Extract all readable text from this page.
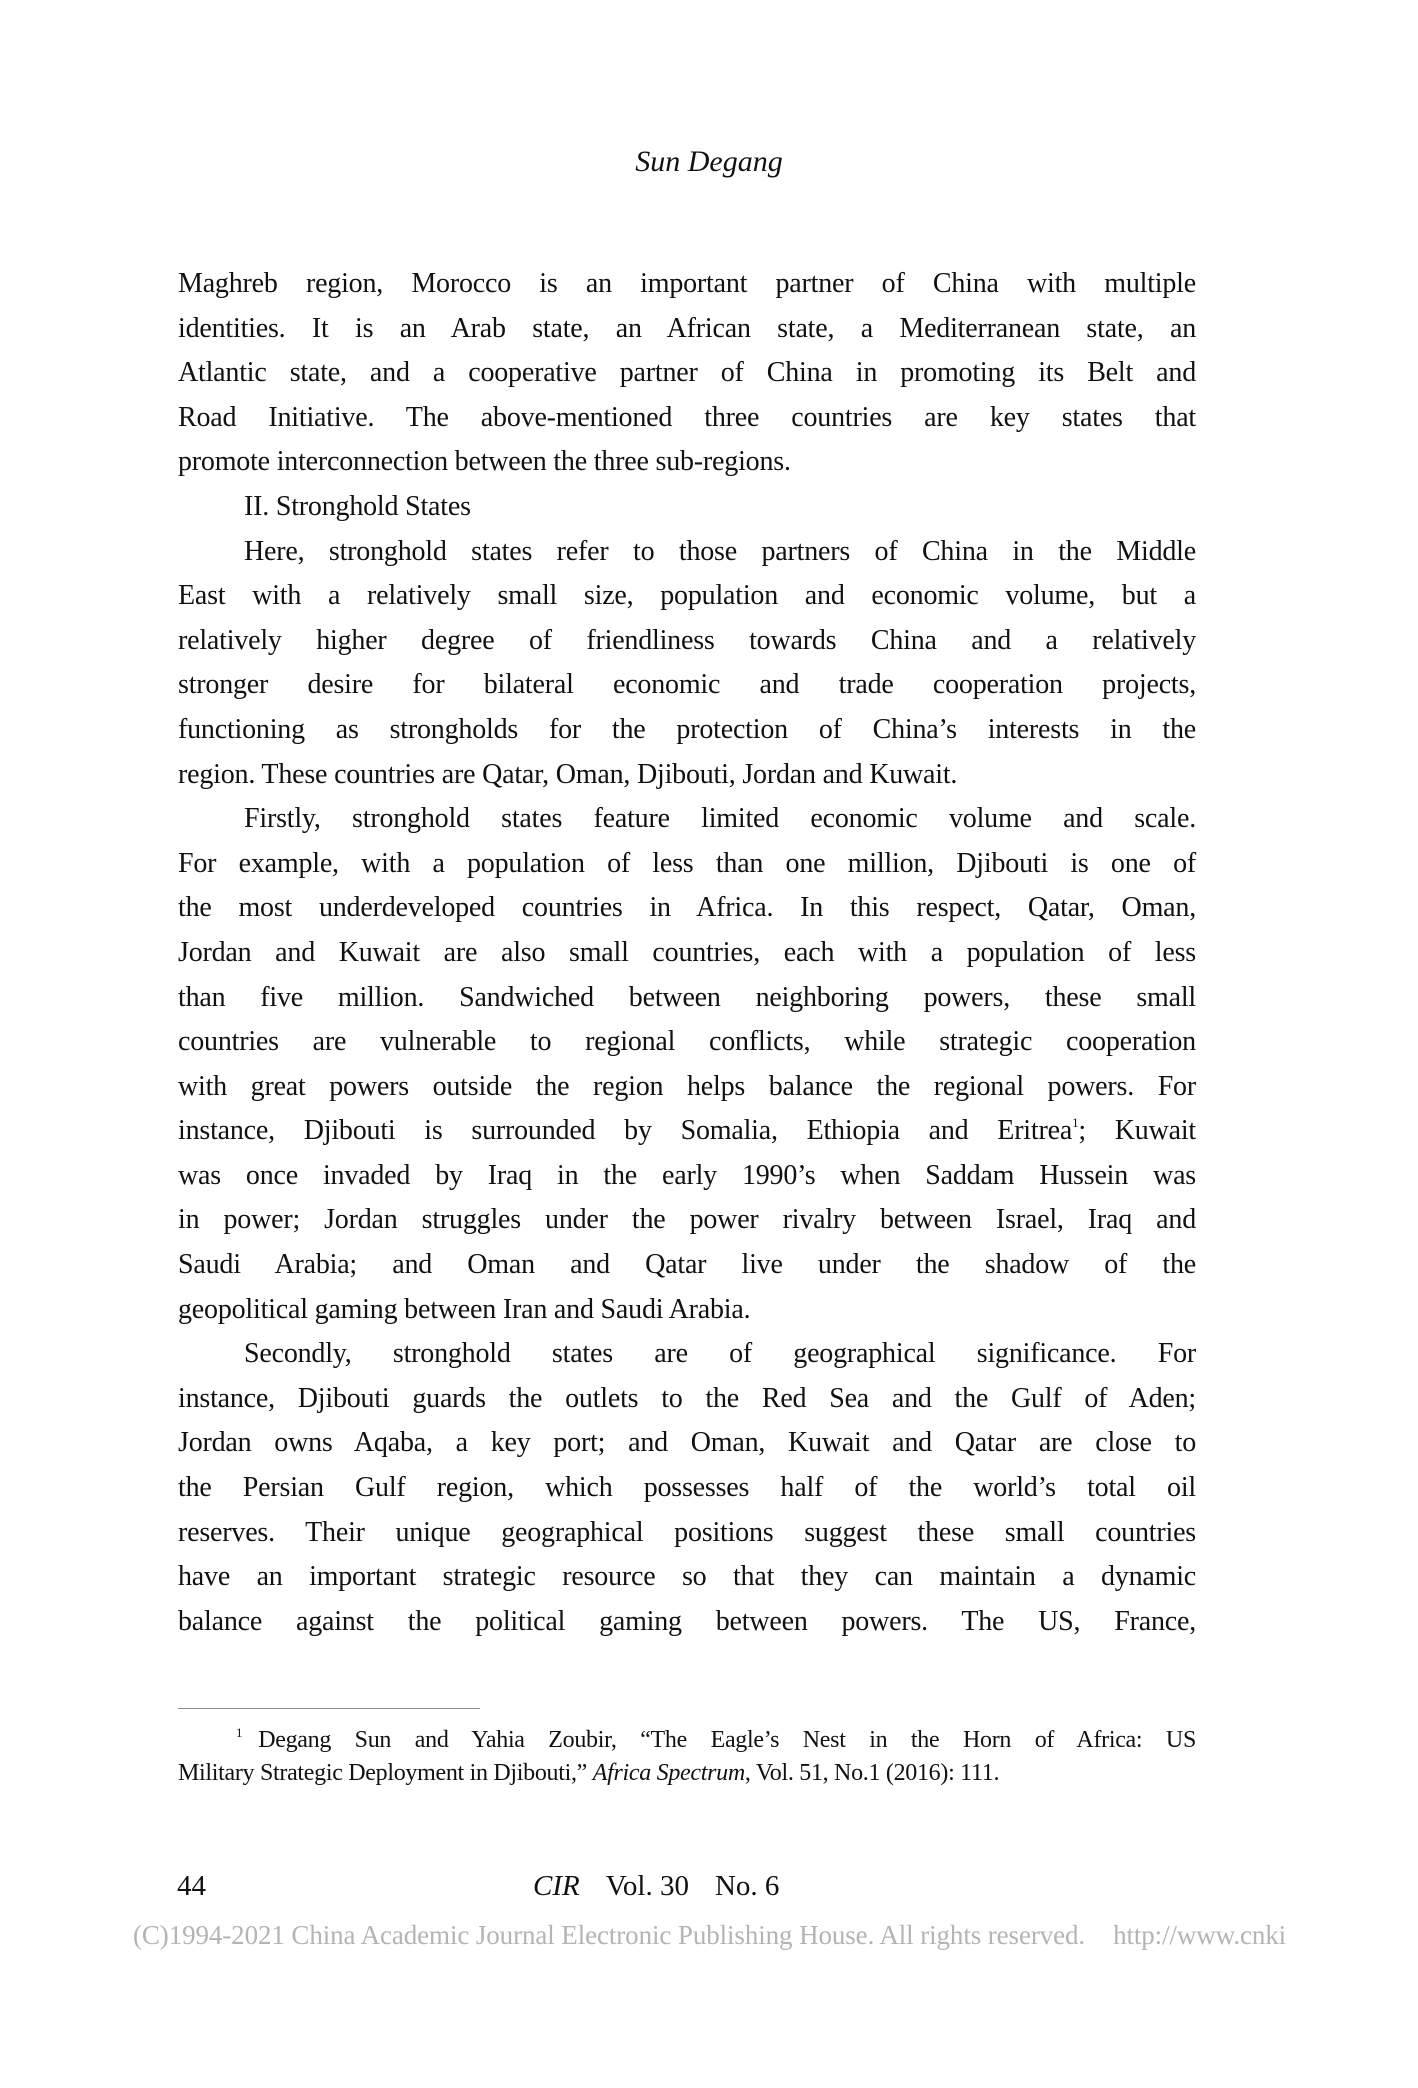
Sun Degang
Maghreb region, Morocco is an important partner of China with multiple
identities. It is an Arab state, an African state, a Mediterranean state, an
Atlantic state, and a cooperative partner of China in promoting its Belt and
Road Initiative. The above-mentioned three countries are key states that
promote interconnection between the three sub-regions.
II. Stronghold States
Here, stronghold states refer to those partners of China in the Middle
East with a relatively small size, population and economic volume, but a
relatively higher degree of friendliness towards China and a relatively
stronger desire for bilateral economic and trade cooperation projects,
functioning as strongholds for the protection of China’s interests in the
region. These countries are Qatar, Oman, Djibouti, Jordan and Kuwait.
Firstly, stronghold states feature limited economic volume and scale.
For example, with a population of less than one million, Djibouti is one of
the most underdeveloped countries in Africa. In this respect, Qatar, Oman,
Jordan and Kuwait are also small countries, each with a population of less
than five million. Sandwiched between neighboring powers, these small
countries are vulnerable to regional conflicts, while strategic cooperation
with great powers outside the region helps balance the regional powers. For
instance, Djibouti is surrounded by Somalia, Ethiopia and Eritrea$^1$; Kuwait
was once invaded by Iraq in the early 1990’s when Saddam Hussein was
in power; Jordan struggles under the power rivalry between Israel, Iraq and
Saudi Arabia; and Oman and Qatar live under the shadow of the
geopolitical gaming between Iran and Saudi Arabia.
Secondly, stronghold states are of geographical significance. For
instance, Djibouti guards the outlets to the Red Sea and the Gulf of Aden;
Jordan owns Aqaba, a key port; and Oman, Kuwait and Qatar are close to
the Persian Gulf region, which possesses half of the world’s total oil
reserves. Their unique geographical positions suggest these small countries
have an important strategic resource so that they can maintain a dynamic
balance against the political gaming between powers. The US, France,
$^1$ Degang Sun and Yahia Zoubir, “The Eagle’s Nest in the Horn of Africa: US
Military Strategic Deployment in Djibouti,” Africa Spectrum, Vol. 51, No.1 (2016): 111.
44	CIR Vol. 30 No. 6
(C)1994-2021 China Academic Journal Electronic Publishing House. All rights reserved. http://www.cnki
